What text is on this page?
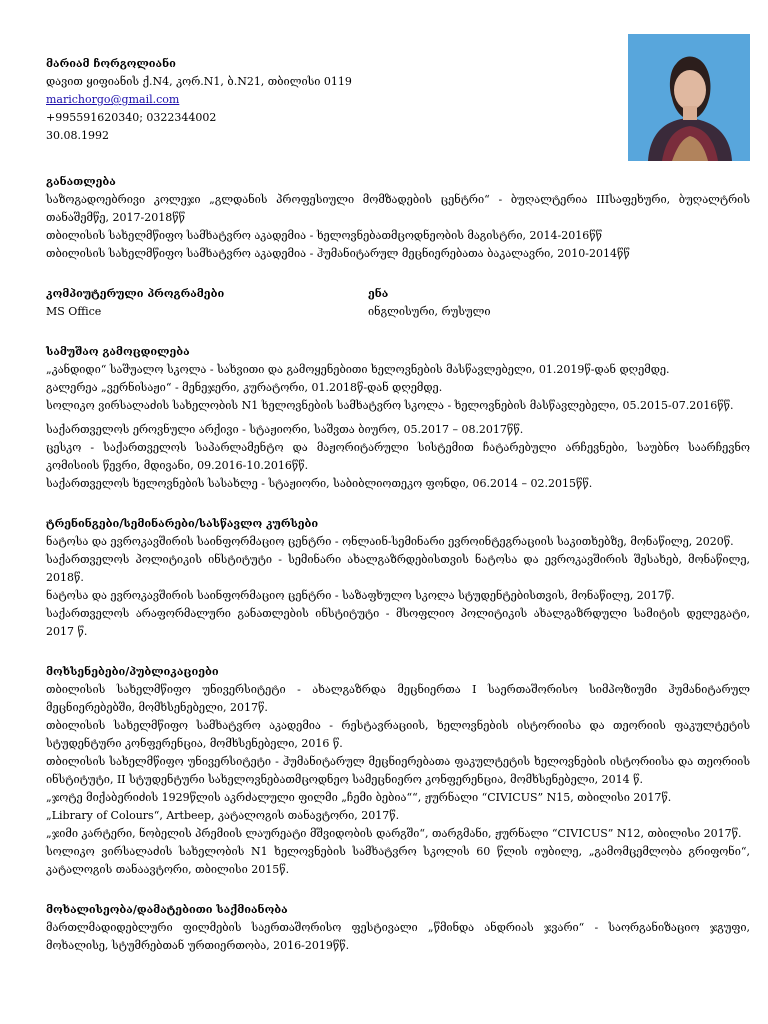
მარიამ ჩორგოლიანი
დავით ყიფიანის ქ.N4, კორ.N1, ბ.N21, თბილისი 0119
marichorgo@gmail.com
+995591620340; 0322344002
30.08.1992
განათლება
საზოგადოებრივი კოლეჯი „გლდანის პროფესიული მომზადების ცენტრი“ - ბუღალტერია IIIსაფეხური, ბუღალტრის თანაშემწე, 2017-2018წწ
თბილისის სახელმწიფო სამხატვრო აკადემია - ხელოვნებათმცოდნეობის მაგისტრი, 2014-2016წწ
თბილისის სახელმწიფო სამხატვრო აკადემია - ჰუმანიტარულ მეცნიერებათა ბაკალავრი, 2010-2014წწ
კომპიუტერული პროგრამები
MS Office
ენა
ინგლისური, რუსული
სამუშაო გამოცდილება
„კანდიდი“ საშუალო სკოლა - სახვითი და გამოყენებითი ხელოვნების მასწავლებელი, 01.2019წ-დან დღემდე.
გალერეა „ვერნისაჟი“ - მენეჯერი, კურატორი, 01.2018წ-დან დღემდე.
სოლიკო ვირსალაძის სახელობის N1 ხელოვნების სამხატვრო სკოლა - ხელოვნების მასწავლებელი, 05.2015-07.2016წწ.
საქართველოს ეროვნული არქივი - სტაჟიორი, საშვთა ბიურო, 05.2017 – 08.2017წწ.
ცესკო - საქართველოს საპარლამენტო და მაჟორიტარული სისტემით ჩატარებული არჩევნები, საუბნო საარჩევნო კომისიის წევრი, მდივანი, 09.2016-10.2016წწ.
საქართველოს ხელოვნების სასახლე - სტაჟიორი, საბიბლიოთეკო ფონდი, 06.2014 – 02.2015წწ.
ტრენინგები/სემინარები/სასწავლო კურსები
ნატოსა და ევროკავშირის საინფორმაციო ცენტრი - ონლაინ-სემინარი ევროინტეგრაციის საკითხებზე, მონაწილე, 2020წ.
საქართველოს პოლიტიკის ინსტიტუტი - სემინარი ახალგაზრდებისთვის ნატოსა და ევროკავშირის შესახებ, მონაწილე, 2018წ.
ნატოსა და ევროკავშირის საინფორმაციო ცენტრი - საზაფხულო სკოლა სტუდენტებისთვის, მონაწილე, 2017წ.
საქართველოს არაფორმალური განათლების ინსტიტუტი - მსოფლიო პოლიტიკის ახალგაზრდული სამიტის დელეგატი, 2017 წ.
მოხსენებები/პუბლიკაციები
თბილისის სახელმწიფო უნივერსიტეტი - ახალგაზრდა მეცნიერთა I საერთაშორისო სიმპოზიუმი ჰუმანიტარულ მეცნიერებებში, მომხსენებელი, 2017წ.
თბილისის სახელმწიფო სამხატვრო აკადემია - რესტავრაციის, ხელოვნების ისტორიისა და თეორიის ფაკულტეტის სტუდენტური კონფერენცია, მომხსენებელი, 2016 წ.
თბილისის სახელმწიფო უნივერსიტეტი - ჰუმანიტარულ მეცნიერებათა ფაკულტეტის ხელოვნების ისტორიისა და თეორიის ინსტიტუტი, II სტუდენტური სახელოვნებათმცოდნეო სამეცნიერო კონფერენცია, მომხსენებელი, 2014 წ.
„ჯოტე მიქაბერიძის 1929წლის აკრძალული ფილმი „ჩემი ბებია““, ჟურნალი “CIVICUS” N15, თბილისი 2017წ.
„Library of Colours“, Artbeep, კატალოგის თანავტორი, 2017წ.
„ჯიმი კარტერი, ნობელის პრემიის ლაურეატი მშვიდობის დარგში“, თარგმანი, ჟურნალი “CIVICUS” N12, თბილისი 2017წ.
სოლიკო ვირსალაძის სახელობის N1 ხელოვნების სამხატვრო სკოლის 60 წლის იუბილე, „გამომცემლობა გრიფონი“, კატალოგის თანაავტორი, თბილისი 2015წ.
მოხალისეობა/დამატებითი საქმიანობა
მართლმადიდებლური ფილმების საერთაშორისო ფესტივალი „წმინდა ანდრიას ჯვარი“ - საორგანიზაციო ჯგუფი, მოხალისე, სტუმრებთან ურთიერთობა, 2016-2019წწ.
